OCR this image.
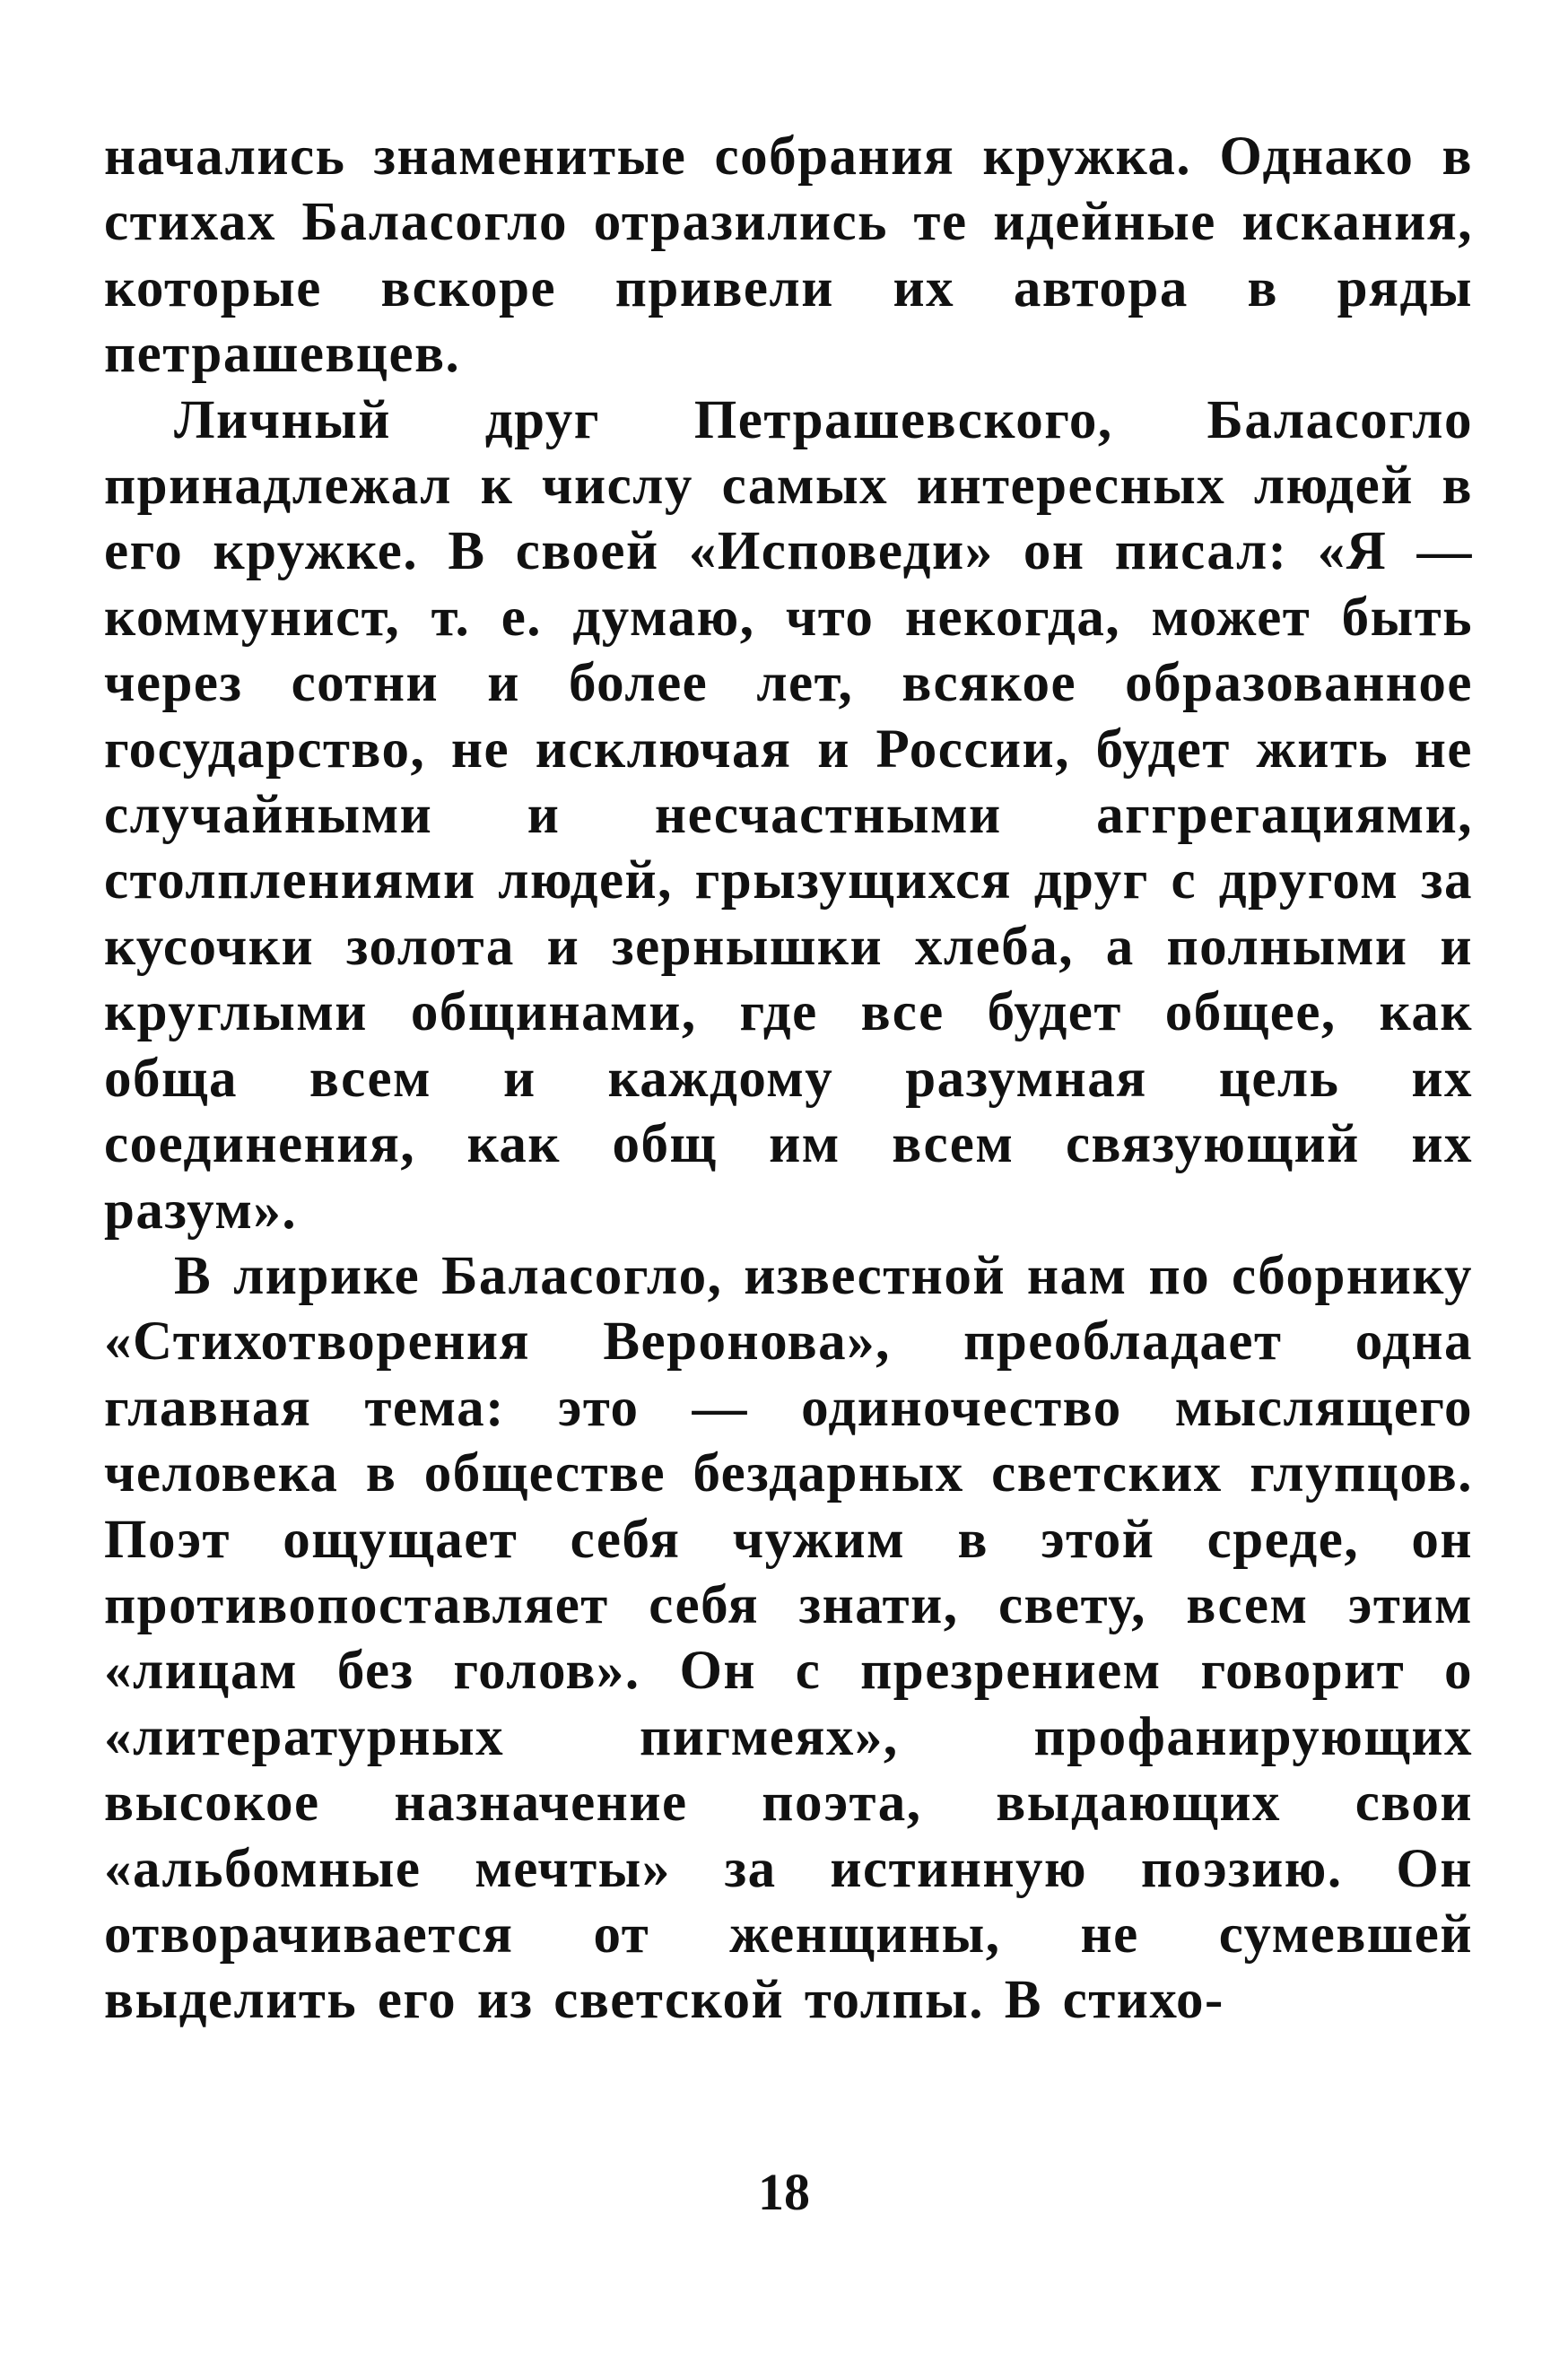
начались знаменитые собрания кружка. Однако в стихах Баласогло отразились те идейные искания, которые вскоре привели их автора в ряды петрашевцев.

Личный друг Петрашевского, Баласогло принадлежал к числу самых интересных людей в его кружке. В своей «Исповеди» он писал: «Я — коммунист, т. е. думаю, что некогда, может быть через сотни и более лет, всякое образованное государство, не исключая и России, будет жить не случайными и несчастными аггрегациями, столплениями людей, грызущихся друг с другом за кусочки золота и зернышки хлеба, а полными и круглыми общинами, где все будет общее, как обща всем и каждому разумная цель их соединения, как общ им всем связующий их разум».

В лирике Баласогло, известной нам по сборнику «Стихотворения Веронова», преобладает одна главная тема: это — одиночество мыслящего человека в обществе бездарных светских глупцов. Поэт ощущает себя чужим в этой среде, он противопоставляет себя знати, свету, всем этим «лицам без голов». Он с презрением говорит о «литературных пигмеях», профанирующих высокое назначение поэта, выдающих свои «альбомные мечты» за истинную поэзию. Он отворачивается от женщины, не сумевшей выделить его из светской толпы. В стихо-

18
